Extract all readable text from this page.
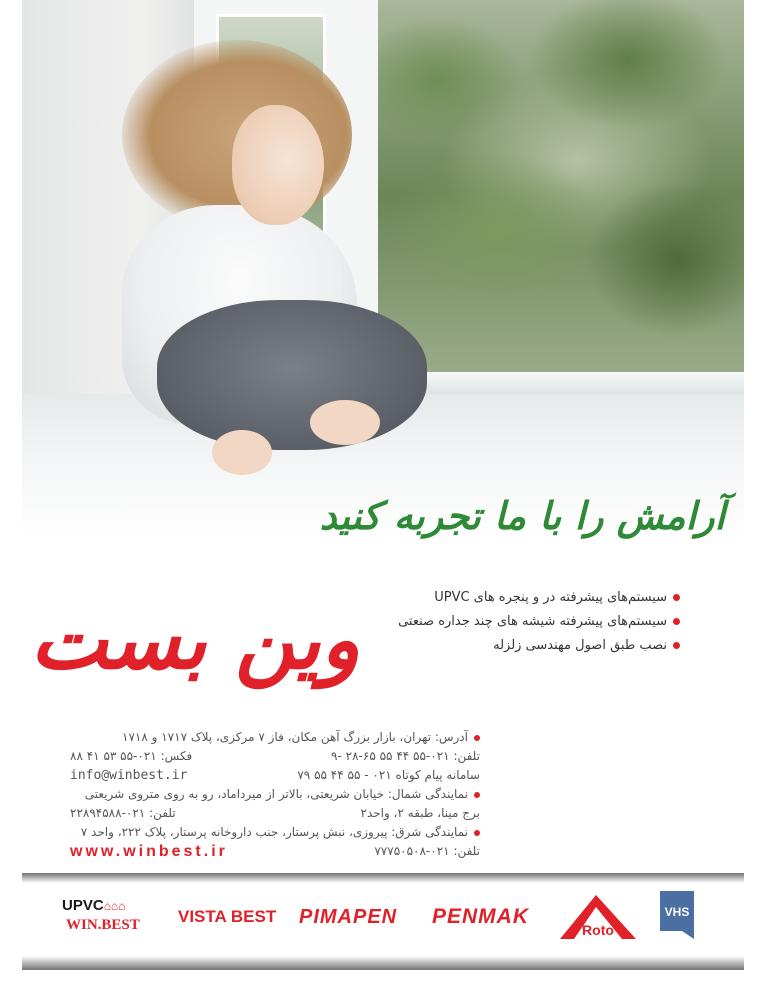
آرامش را با ما تجربه کنید
وین بست	سیستم‌های پیشرفته در و پنجره های UPVC
سیستم‌های پیشرفته شیشه های چند جداره صنعتی
نصب طبق اصول مهندسی زلزله
آدرس: تهران، بازار بزرگ آهن مکان، فاز ۷ مرکزی، پلاک ۱۷۱۷ و ۱۷۱۸
فکس: ۰۲۱-۵۵ ۵۳ ۴۱ ۸۸	تلفن: ۰۲۱-۵۵ ۴۴ ۵۵ ۶۵-۲۸ -۹
info@winbest.ir	سامانه پیام کوتاه ۰۲۱ - ۵۵ ۴۴ ۵۵ ۷۹
نمایندگی شمال: خیابان شریعتی، بالاتر از میرداماد، رو به روی متروی شریعتی
تلفن: ۰۲۱-۲۲۸۹۴۵۸۸	برج مینا، طبقه ۲، واحد۲
نمایندگی شرق: پیروزی، نبش پرستار، جنب داروخانه پرستار، پلاک ۲۲۲، واحد ۷
www.winbest.ir	تلفن: ۰۲۱-۷۷۷۵۰۵۰۸
UPVC⌂⌂⌂
WIN.BEST VISTA BEST PIMAPEN PENMAK
Roto
VHS
